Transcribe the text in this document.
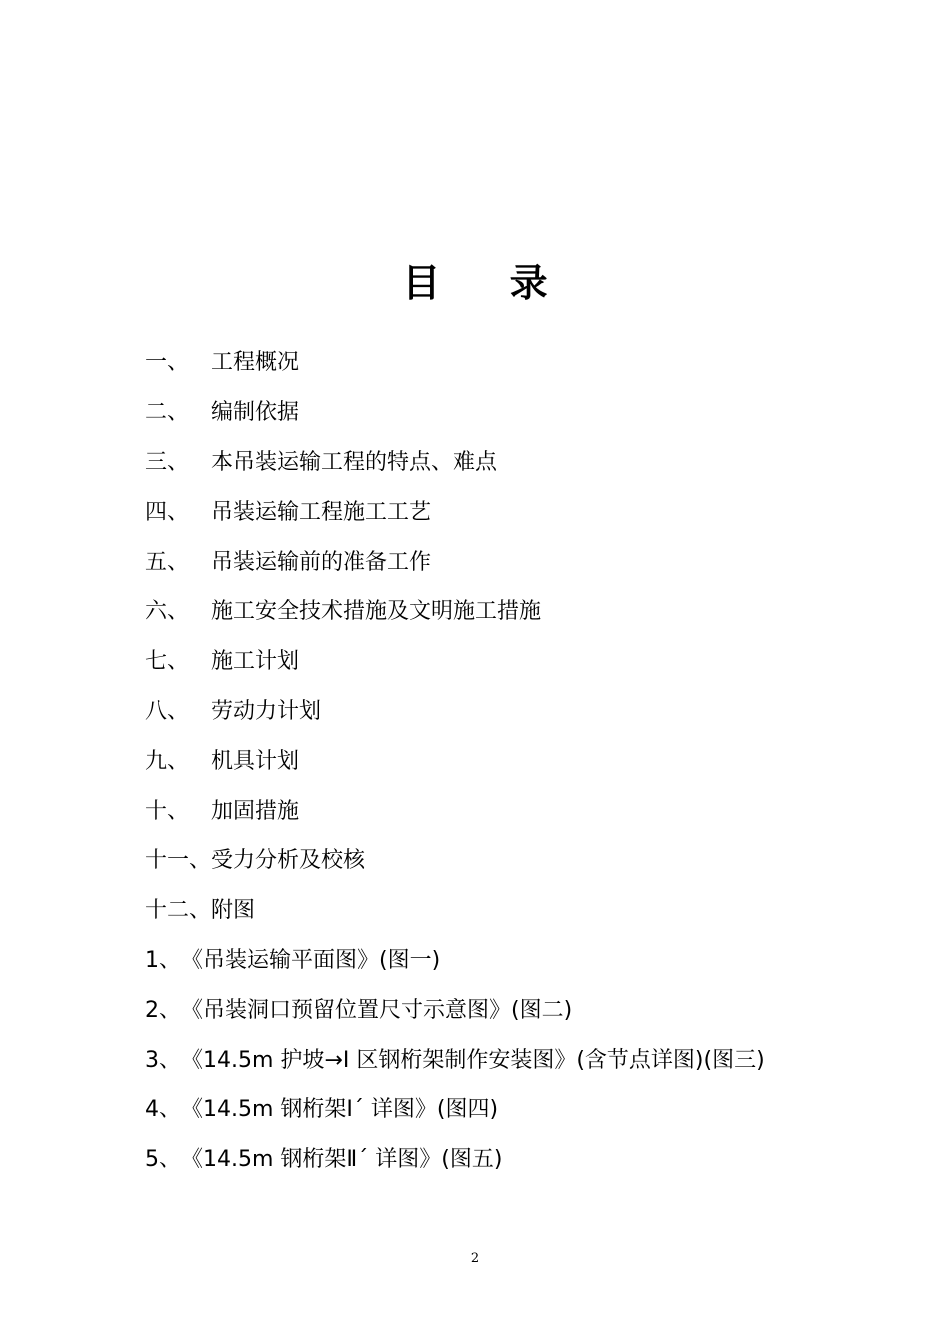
目 录
一、 工程概况
二、 编制依据
三、 本吊装运输工程的特点、难点
四、 吊装运输工程施工工艺
五、 吊装运输前的准备工作
六、 施工安全技术措施及文明施工措施
七、 施工计划
八、 劳动力计划
九、 机具计划
十、 加固措施
十一、 受力分析及校核
十二、 附图
1、 《吊装运输平面图》(图一)
2、 《吊装洞口预留位置尺寸示意图》(图二)
3、 《14.5m 护坡→I 区钢桁架制作安装图》(含节点详图)(图三)
4、 《14.5m 钢桁架Ⅰ´ 详图》(图四)
5、 《14.5m 钢桁架Ⅱ´ 详图》(图五)
2
